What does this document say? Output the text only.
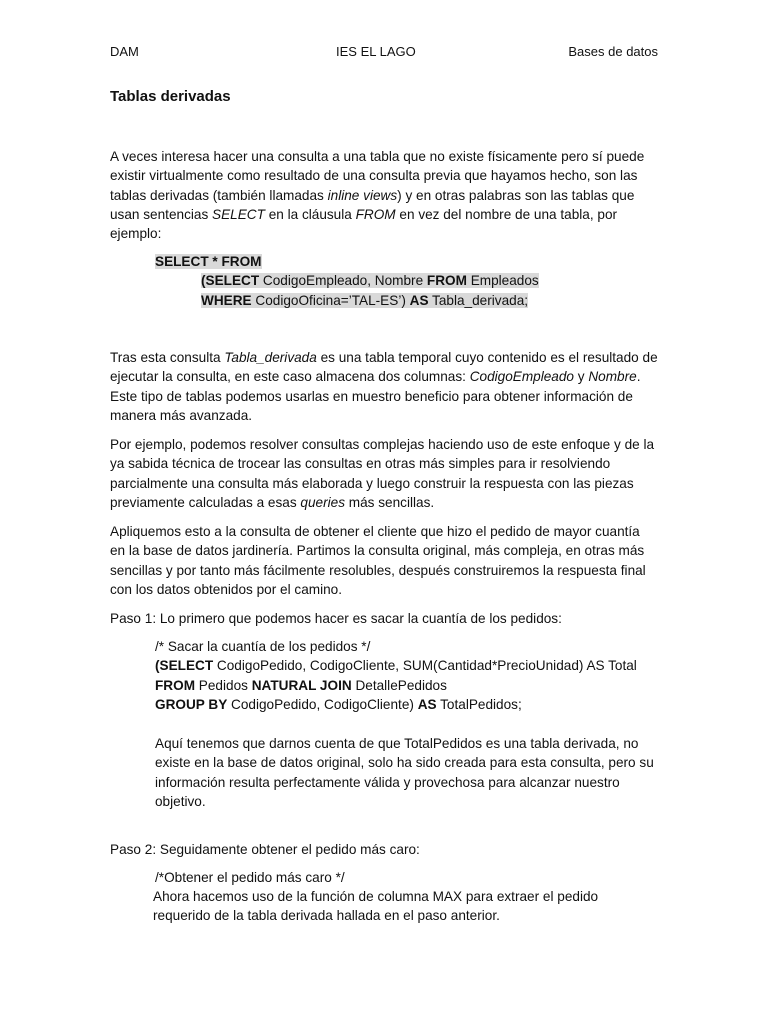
DAM	IES EL LAGO	Bases de datos
Tablas derivadas

A veces interesa hacer una consulta a una tabla que no existe físicamente pero sí puede existir virtualmente como resultado de una consulta previa que hayamos hecho, son las tablas derivadas (también llamadas inline views) y en otras palabras son las tablas que usan sentencias SELECT en la cláusula FROM en vez del nombre de una tabla, por ejemplo:

SELECT * FROM
(SELECT CodigoEmpleado, Nombre FROM Empleados
WHERE CodigoOficina=’TAL-ES’) AS Tabla_derivada;

Tras esta consulta Tabla_derivada es una tabla temporal cuyo contenido es el resultado de ejecutar la consulta, en este caso almacena dos columnas: CodigoEmpleado y Nombre. Este tipo de tablas podemos usarlas en muestro beneficio para obtener información de manera más avanzada.

Por ejemplo, podemos resolver consultas complejas haciendo uso de este enfoque y de la ya sabida técnica de trocear las consultas en otras más simples para ir resolviendo parcialmente una consulta más elaborada y luego construir la respuesta con las piezas previamente calculadas a esas queries más sencillas.

Apliquemos esto a la consulta de obtener el cliente que hizo el pedido de mayor cuantía en la base de datos jardinería. Partimos la consulta original, más compleja, en otras más sencillas y por tanto más fácilmente resolubles, después construiremos la respuesta final con los datos obtenidos por el camino.

Paso 1: Lo primero que podemos hacer es sacar la cuantía de los pedidos:

/* Sacar la cuantía de los pedidos */
(SELECT CodigoPedido, CodigoCliente, SUM(Cantidad*PrecioUnidad) AS Total
FROM Pedidos NATURAL JOIN DetallePedidos
GROUP BY CodigoPedido, CodigoCliente) AS TotalPedidos;

Aquí tenemos que darnos cuenta de que TotalPedidos es una tabla derivada, no existe en la base de datos original, solo ha sido creada para esta consulta, pero su información resulta perfectamente válida y provechosa para alcanzar nuestro objetivo.

Paso 2: Seguidamente obtener el pedido más caro:

/*Obtener el pedido más caro */

Ahora hacemos uso de la función de columna MAX para extraer el pedido requerido de la tabla derivada hallada en el paso anterior.
